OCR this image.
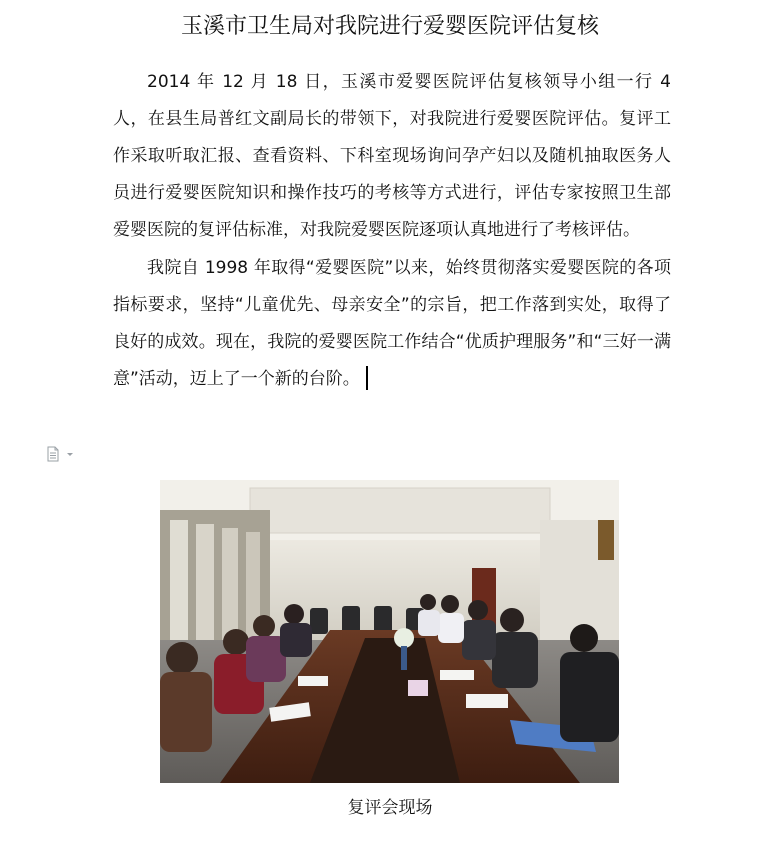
玉溪市卫生局对我院进行爱婴医院评估复核

2014 年 12 月 18 日，玉溪市爱婴医院评估复核领导小组一行 4 人，在县生局普红文副局长的带领下，对我院进行爱婴医院评估。复评工作采取听取汇报、查看资料、下科室现场询问孕产妇以及随机抽取医务人员进行爱婴医院知识和操作技巧的考核等方式进行，评估专家按照卫生部爱婴医院的复评估标准，对我院爱婴医院逐项认真地进行了考核评估。

我院自 1998 年取得“爱婴医院”以来，始终贯彻落实爱婴医院的各项指标要求，坚持“儿童优先、母亲安全”的宗旨，把工作落到实处，取得了良好的成效。现在，我院的爱婴医院工作结合“优质护理服务”和“三好一满意”活动，迈上了一个新的台阶。

复评会现场
